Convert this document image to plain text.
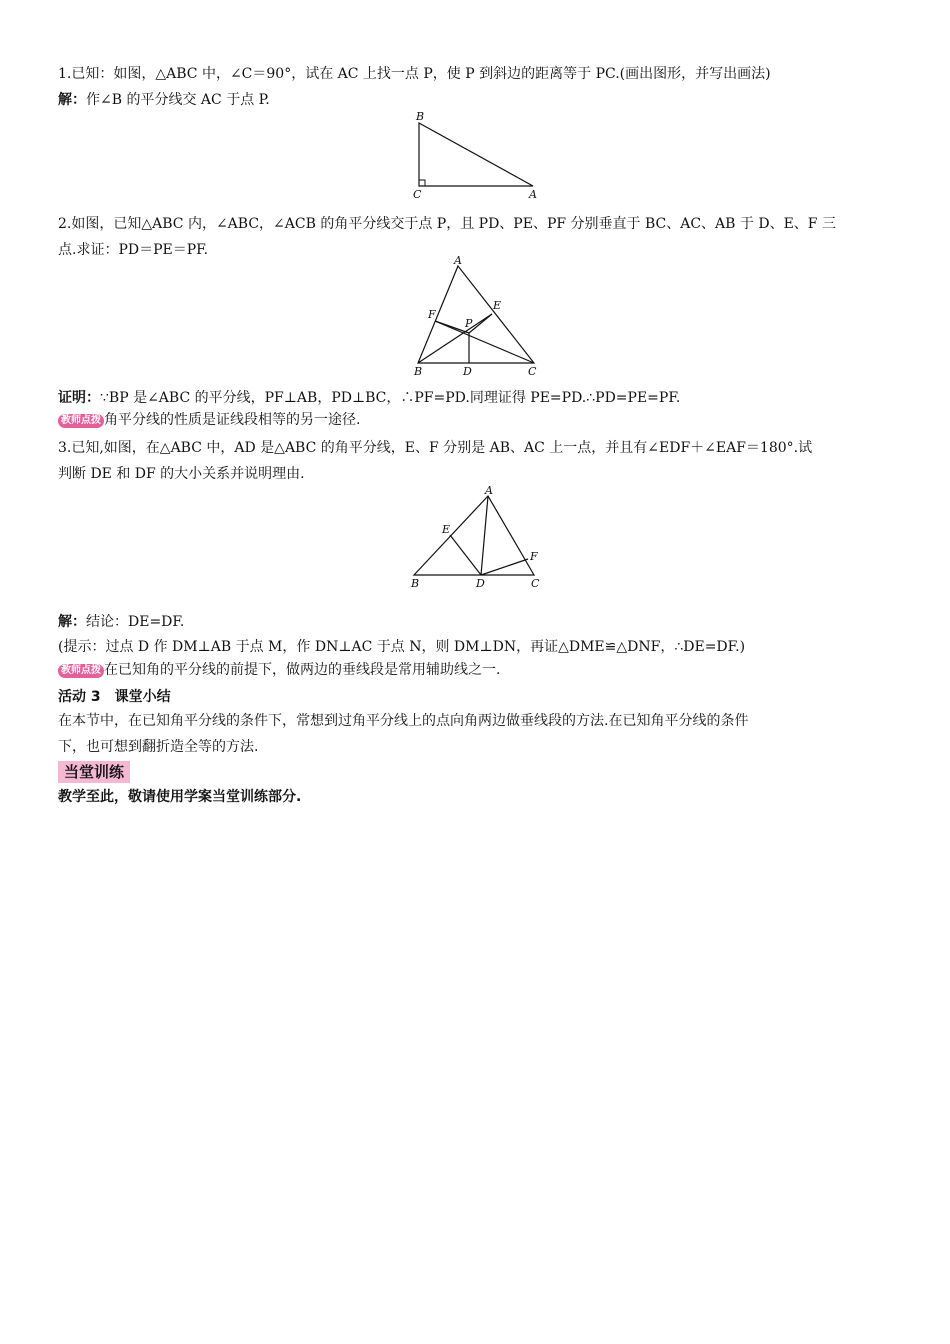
1.已知：如图，△ABC 中，∠C＝90°，试在 AC 上找一点 P，使 P 到斜边的距离等于 PC.(画出图形，并写出画法)
解：作∠B 的平分线交 AC 于点 P.
B
C	A
2.如图，已知△ABC 内，∠ABC，∠ACB 的角平分线交于点 P，且 PD、PE、PF 分别垂直于 BC、AC、AB 于 D、E、F 三
点.求证：PD＝PE＝PF.
A
E
F
P
B	D	C
证明：∵BP 是∠ABC 的平分线，PF⊥AB，PD⊥BC，∴PF=PD.同理证得 PE=PD.∴PD=PE=PF.
教师点拨 角平分线的性质是证线段相等的另一途径.
3.已知,如图，在△ABC 中，AD 是△ABC 的角平分线，E、F 分别是 AB、AC 上一点，并且有∠EDF＋∠EAF＝180°.试
判断 DE 和 DF 的大小关系并说明理由.
A
E
F
B	D	C
解：结论：DE=DF.
(提示：过点 D 作 DM⊥AB 于点 M，作 DN⊥AC 于点 N，则 DM⊥DN，再证△DME≌△DNF，∴DE=DF.)
教师点拨 在已知角的平分线的前提下，做两边的垂线段是常用辅助线之一.
活动 3　课堂小结
在本节中，在已知角平分线的条件下，常想到过角平分线上的点向角两边做垂线段的方法.在已知角平分线的条件
下，也可想到翻折造全等的方法.
当堂训练
教学至此，敬请使用学案当堂训练部分.
